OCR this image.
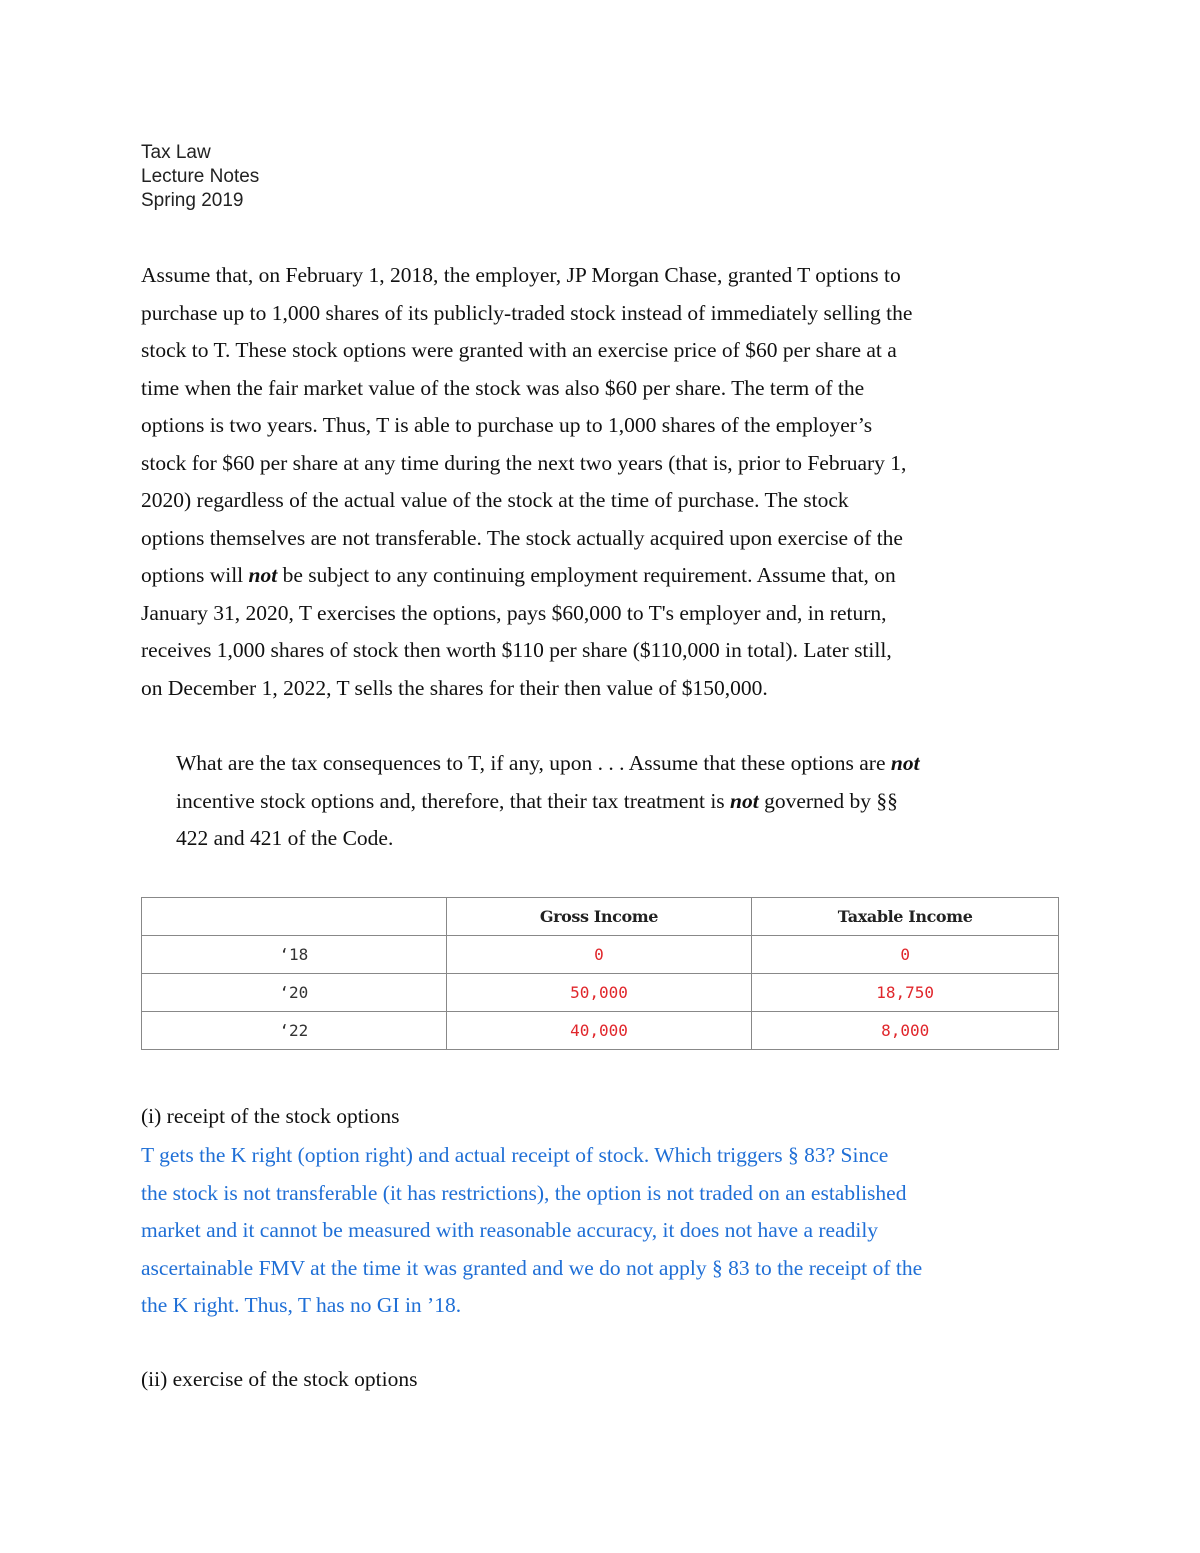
Tax Law
Lecture Notes
Spring 2019
Assume that, on February 1, 2018, the employer, JP Morgan Chase, granted T options to
purchase up to 1,000 shares of its publicly-traded stock instead of immediately selling the
stock to T. These stock options were granted with an exercise price of $60 per share at a
time when the fair market value of the stock was also $60 per share. The term of the
options is two years. Thus, T is able to purchase up to 1,000 shares of the employer’s
stock for $60 per share at any time during the next two years (that is, prior to February 1,
2020) regardless of the actual value of the stock at the time of purchase. The stock
options themselves are not transferable. The stock actually acquired upon exercise of the
options will not be subject to any continuing employment requirement. Assume that, on
January 31, 2020, T exercises the options, pays $60,000 to T's employer and, in return,
receives 1,000 shares of stock then worth $110 per share ($110,000 in total). Later still,
on December 1, 2022, T sells the shares for their then value of $150,000.
What are the tax consequences to T, if any, upon . . . Assume that these options are not
incentive stock options and, therefore, that their tax treatment is not governed by §§
422 and 421 of the Code.
	Gross Income	Taxable Income
‘18	0	0
‘20	50,000	18,750
‘22	40,000	8,000
(i) receipt of the stock options
T gets the K right (option right) and actual receipt of stock. Which triggers § 83? Since
the stock is not transferable (it has restrictions), the option is not traded on an established
market and it cannot be measured with reasonable accuracy, it does not have a readily
ascertainable FMV at the time it was granted and we do not apply § 83 to the receipt of the
the K right. Thus, T has no GI in ’18.
(ii) exercise of the stock options
